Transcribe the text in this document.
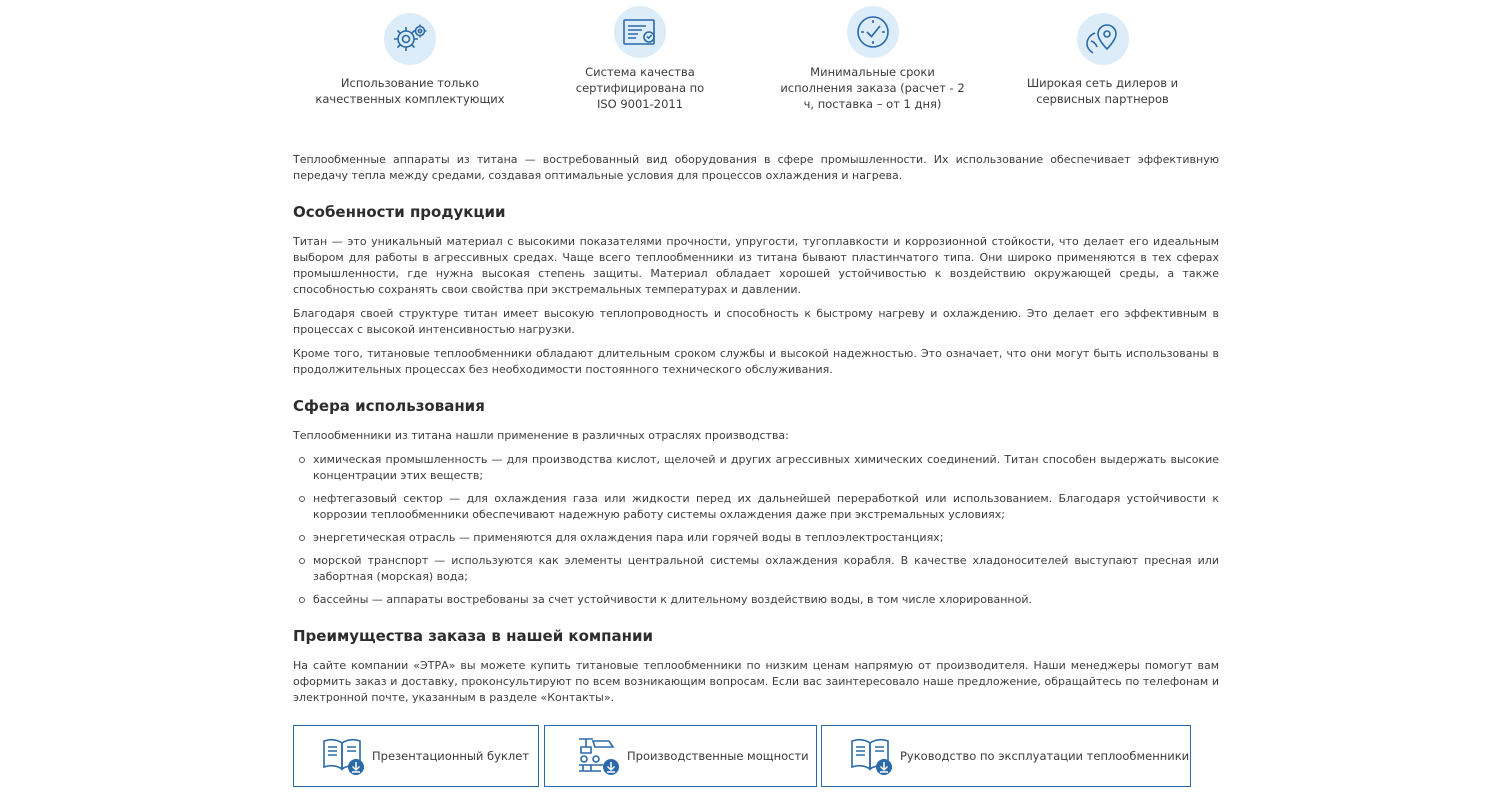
Использование только качественных комплектующих
Система качества сертифицирована по ISO 9001-2011
Минимальные сроки исполнения заказа (расчет - 2 ч, поставка – от 1 дня)
Широкая сеть дилеров и сервисных партнеров

Теплообменные аппараты из титана — востребованный вид оборудования в сфере промышленности. Их использование обеспечивает эффективную передачу тепла между средами, создавая оптимальные условия для процессов охлаждения и нагрева.

Особенности продукции

Титан — это уникальный материал с высокими показателями прочности, упругости, тугоплавкости и коррозионной стойкости, что делает его идеальным выбором для работы в агрессивных средах. Чаще всего теплообменники из титана бывают пластинчатого типа. Они широко применяются в тех сферах промышленности, где нужна высокая степень защиты. Материал обладает хорошей устойчивостью к воздействию окружающей среды, а также способностью сохранять свои свойства при экстремальных температурах и давлении.

Благодаря своей структуре титан имеет высокую теплопроводность и способность к быстрому нагреву и охлаждению. Это делает его эффективным в процессах с высокой интенсивностью нагрузки.

Кроме того, титановые теплообменники обладают длительным сроком службы и высокой надежностью. Это означает, что они могут быть использованы в продолжительных процессах без необходимости постоянного технического обслуживания.

Сфера использования

Теплообменники из титана нашли применение в различных отраслях производства:

химическая промышленность — для производства кислот, щелочей и других агрессивных химических соединений. Титан способен выдержать высокие концентрации этих веществ;
нефтегазовый сектор — для охлаждения газа или жидкости перед их дальнейшей переработкой или использованием. Благодаря устойчивости к коррозии теплообменники обеспечивают надежную работу системы охлаждения даже при экстремальных условиях;
энергетическая отрасль — применяются для охлаждения пара или горячей воды в теплоэлектростанциях;
морской транспорт — используются как элементы центральной системы охлаждения корабля. В качестве хладоносителей выступают пресная или забортная (морская) вода;
бассейны — аппараты востребованы за счет устойчивости к длительному воздействию воды, в том числе хлорированной.
Преимущества заказа в нашей компании

На сайте компании «ЭТРА» вы можете купить титановые теплообменники по низким ценам напрямую от производителя. Наши менеджеры помогут вам оформить заказ и доставку, проконсультируют по всем возникающим вопросам. Если вас заинтересовало наше предложение, обращайтесь по телефонам и электронной почте, указанным в разделе «Контакты».

Презентационный буклет	Производственные мощности	Руководство по эксплуатации теплообменники
